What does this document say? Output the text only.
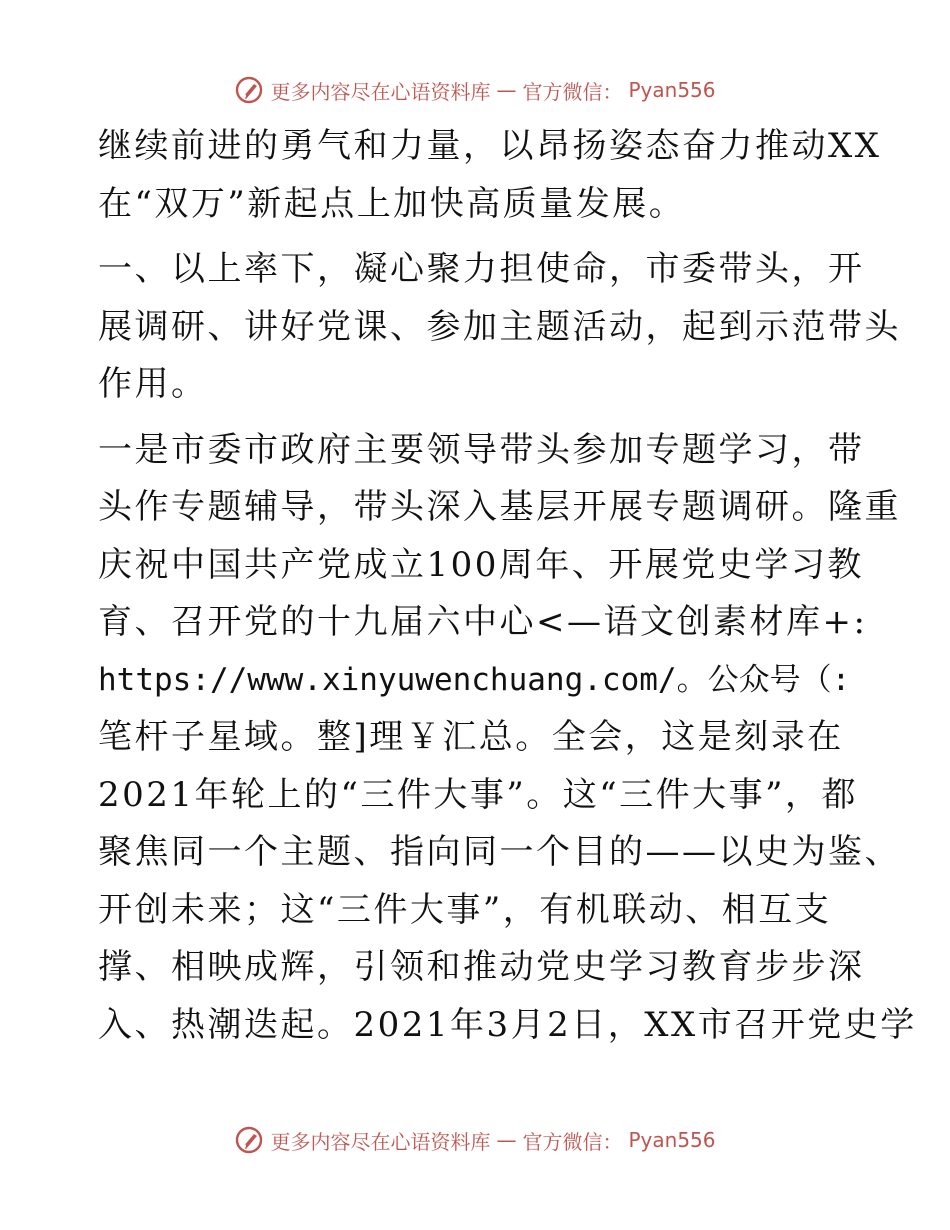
更多内容尽在心语资料库 — 官方微信： Pyan556
继续前进的勇气和力量，以昂扬姿态奋力推动XX
在“双万”新起点上加快高质量发展。
一、以上率下，凝心聚力担使命，市委带头，开
展调研、讲好党课、参加主题活动，起到示范带头
作用。
一是市委市政府主要领导带头参加专题学习，带
头作专题辅导，带头深入基层开展专题调研。隆重
庆祝中国共产党成立100周年、开展党史学习教
育、召开党的十九届六中心<—语文创素材库+:
https://www.xinyuwenchuang.com/。公众号（:
笔杆子星域。整]理￥汇总。全会，这是刻录在
2021年轮上的“三件大事”。这“三件大事”，都
聚焦同一个主题、指向同一个目的——以史为鉴、
开创未来；这“三件大事”，有机联动、相互支
撑、相映成辉，引领和推动党史学习教育步步深
入、热潮迭起。2021年3月2日，XX市召开党史学
更多内容尽在心语资料库 — 官方微信： Pyan556
